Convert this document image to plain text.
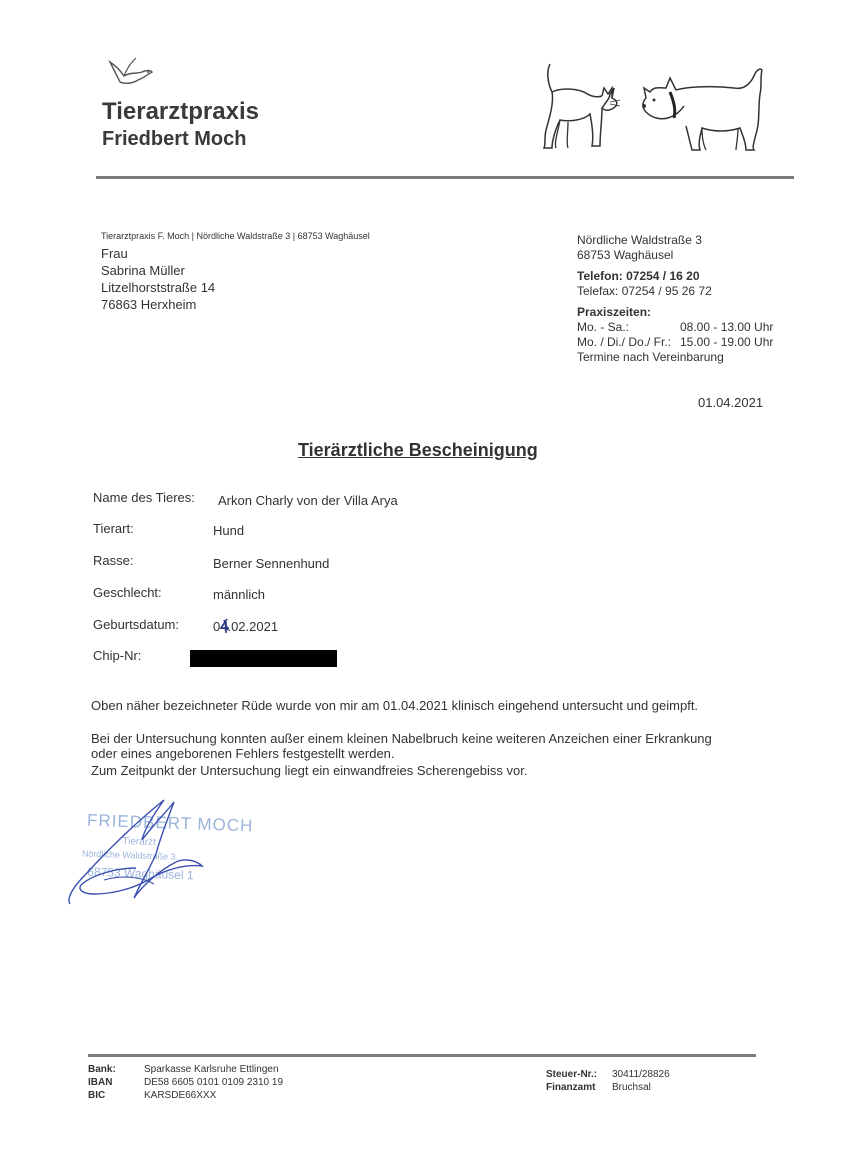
Tierarztpraxis
Friedbert Moch
Tierarztpraxis F. Moch | Nördliche Waldstraße 3 | 68753 Waghäusel
Frau
Sabrina Müller
Litzelhorststraße 14
76863 Herxheim
Nördliche Waldstraße 3
68753 Waghäusel
Telefon: 07254 / 16 20
Telefax: 07254 / 95 26 72
Praxiszeiten:
Mo. - Sa.:	08.00 - 13.00 Uhr
Mo. / Di./ Do./ Fr.: 15.00 - 19.00 Uhr
Termine nach Vereinbarung
01.04.2021
Tierärztliche Bescheinigung
Name des Tieres: Arkon Charly von der Villa Arya
Tierart:	Hund
Rasse:	Berner Sennenhund
Geschlecht:	männlich
Geburtsdatum:	04.02.2021
Chip-Nr:
Oben näher bezeichneter Rüde wurde von mir am 01.04.2021 klinisch eingehend untersucht und geimpft.
Bei der Untersuchung konnten außer einem kleinen Nabelbruch keine weiteren Anzeichen einer Erkrankung
oder eines angeborenen Fehlers festgestellt werden.
Zum Zeitpunkt der Untersuchung liegt ein einwandfreies Scherengebiss vor.
FRIEDBERT MOCH
Tierarzt
Nördliche Waldstraße 3
68753 Waghäusel 1
Bank:	Sparkasse Karlsruhe Ettlingen
IBAN	DE58 6605 0101 0109 2310 19
BIC	KARSDE66XXX
Steuer-Nr.: 30411/28826
Finanzamt Bruchsal
